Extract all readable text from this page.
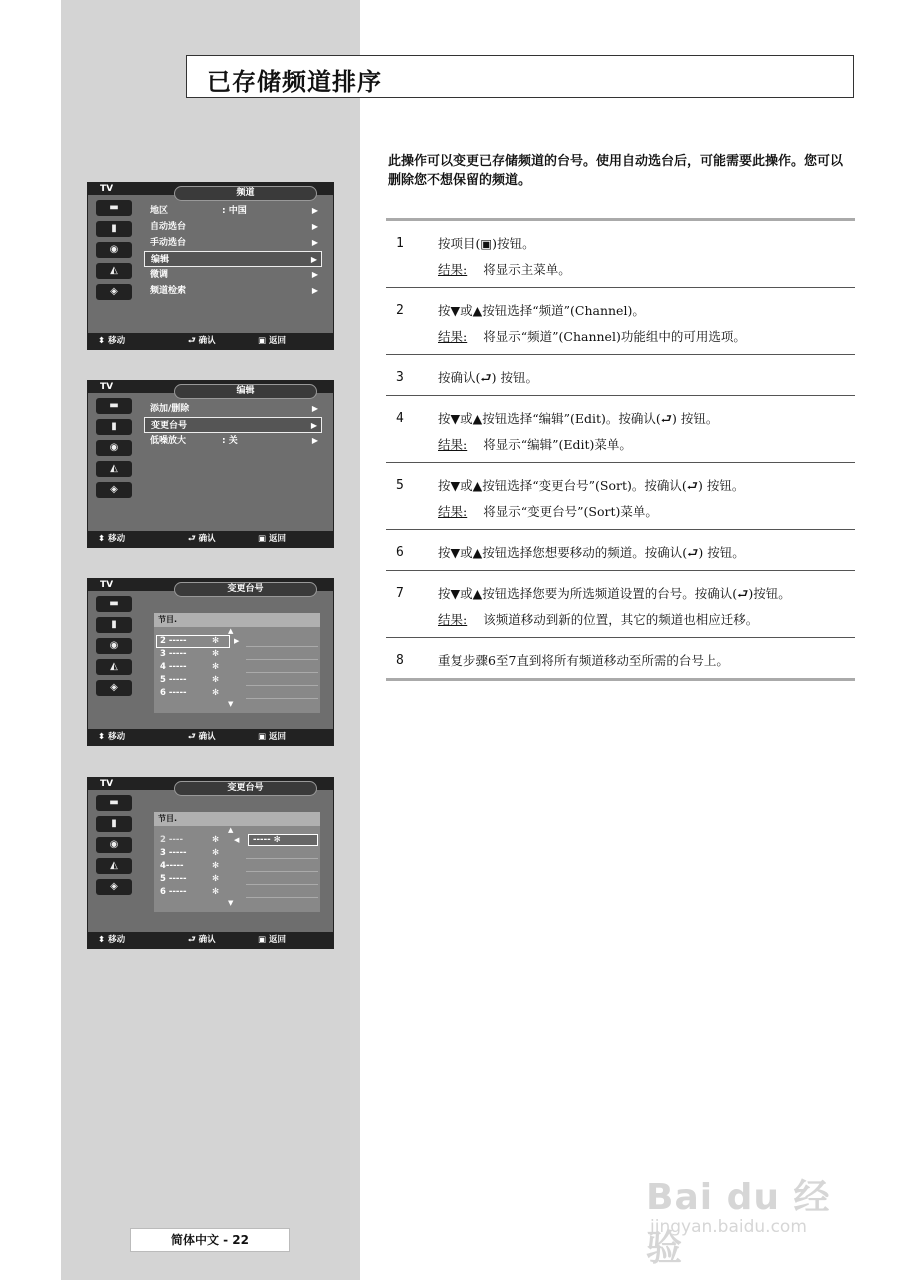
已存储频道排序
此操作可以变更已存储频道的台号。使用自动选台后，可能需要此操作。您可以删除您不想保留的频道。
1	按项目(▣)按钮。
结果: 将显示主菜单。
2	按▼或▲按钮选择“频道”(Channel)。
结果: 将显示“频道”(Channel)功能组中的可用选项。
3	按确认(⮐) 按钮。
4	按▼或▲按钮选择“编辑”(Edit)。按确认(⮐) 按钮。
结果: 将显示“编辑”(Edit)菜单。
5	按▼或▲按钮选择“变更台号”(Sort)。按确认(⮐) 按钮。
结果: 将显示“变更台号”(Sort)菜单。
6	按▼或▲按钮选择您想要移动的频道。按确认(⮐) 按钮。
7	按▼或▲按钮选择您要为所选频道设置的台号。按确认(⮐)按钮。
结果: 该频道移动到新的位置，其它的频道也相应迁移。
8	重复步骤6至7直到将所有频道移动至所需的台号上。
TV	频道
▬
▮
◉
◭
◈
地区	: 中国	▶
自动选台	▶
手动选台	▶
编辑	▶
微调	▶
频道检索	▶
⬍ 移动	⮐ 确认	▣ 返回
TV	编辑
▬
▮
◉
◭
◈
添加/删除	▶
变更台号	▶
低噪放大	: 关	▶
⬍ 移动	⮐ 确认	▣ 返回
TV	变更台号
▬
▮
◉
◭
◈
节目.
▲
2 -----	✻ ▶
3 -----	✻
4 -----	✻
5 -----	✻
6 -----	✻
▼
⬍ 移动	⮐ 确认	▣ 返回
TV	变更台号
▬
▮
◉
◭
◈
节目.
▲
2 ----	✻ ◀	----- ✻
3 -----	✻
4-----	✻
5 -----	✻
6 -----	✻
▼
⬍ 移动	⮐ 确认	▣ 返回
简体中文 - 22
Bai du 经验
jingyan.baidu.com
